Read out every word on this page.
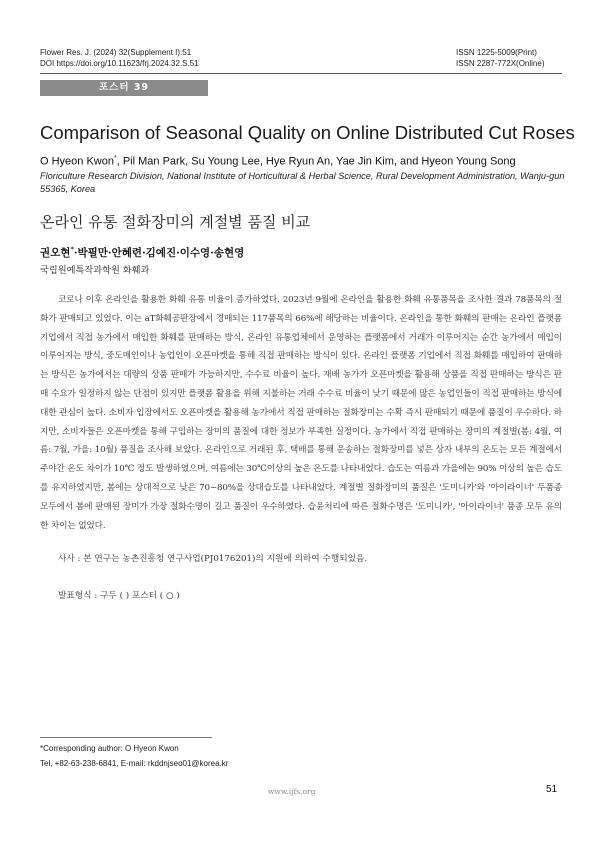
Flower Res. J. (2024) 32(Supplement I):51
DOI https://doi.org/10.11623/frj.2024.32.S.51
ISSN 1225-5009(Print)
ISSN 2287-772X(Online)
포스터 39
Comparison of Seasonal Quality on Online Distributed Cut Roses
O Hyeon Kwon*, Pil Man Park, Su Young Lee, Hye Ryun An, Yae Jin Kim, and Hyeon Young Song
Floriculture Research Division, National Institute of Horticultural & Herbal Science, Rural Development Administration, Wanju-gun 55365, Korea
온라인 유통 절화장미의 계절별 품질 비교
권오현*·박필만·안혜련·김예진·이수영·송현영
국립원예특작과학원 화훼과

코로나 이후 온라인을 활용한 화훼 유통 비율이 증가하였다. 2023년 9월에 온라인을 활용한 화훼 유통품목을 조사한 결과 78품목의 절화가 판매되고 있었다. 이는 aT화훼공판장에서 경매되는 117품목의 66%에 해당하는 비율이다. 온라인을 통한 화훼의 판매는 온라인 플랫폼 기업에서 직접 농가에서 매입한 화훼를 판매하는 방식, 온라인 유통업체에서 운영하는 플랫폼에서 거래가 이루어지는 순간 농가에서 매입이 이루어지는 방식, 중도매인이나 농업인이 오픈마켓을 통해 직접 판매하는 방식이 있다. 온라인 플랫폼 기업에서 직접 화훼를 매입하여 판매하는 방식은 농가에서는 대량의 상품 판매가 가능하지만, 수수료 비율이 높다. 재배 농가가 오픈마켓을 활용해 상품을 직접 판매하는 방식은 판매 수요가 일정하지 않는 단점이 있지만 플랫폼 활용을 위해 지불하는 거래 수수료 비율이 낮기 때문에 많은 농업인들이 직접 판매하는 방식에 대한 관심이 높다. 소비자 입장에서도 오픈마켓을 활용해 농가에서 직접 판매하는 절화장미는 수확 즉시 판매되기 때문에 품질이 우수하다. 하지만, 소비자들은 오픈마켓을 통해 구입하는 장미의 품질에 대한 정보가 부족한 실정이다. 농가에서 직접 판매하는 장미의 계절별(봄: 4월, 여름: 7월, 가을: 10월) 품질을 조사해 보았다. 온라인으로 거래된 후, 택배를 통해 운송하는 절화장미를 넣은 상자 내부의 온도는 모든 계절에서 주야간 온도 차이가 10℃ 정도 발생하였으며, 여름에는 30℃이상의 높은 온도를 나타내었다. 습도는 여름과 가을에는 90% 이상의 높은 습도를 유지하였지만, 봄에는 상대적으로 낮은 70~80%을 상대습도를 나타내었다. 계절별 절화장미의 품질은 '도미니카'와 '아이라이너' 두품종 모두에서 봄에 판매된 장미가 가장 절화수명이 길고 품질이 우수하였다. 습윤처리에 따른 절화수명은 '도미니카', '아이라이너' 품종 모두 유의한 차이는 없었다.

사사 : 본 연구는 농촌진흥청 연구사업(PJ0176201)의 지원에 의하여 수행되었음.
발표형식 : 구두 ( ) 포스터 ( ○ )
*Corresponding author: O Hyeon Kwon
Tel, +82-63-238-6841, E-mail: rkddnjseo01@korea.kr
www.ijfs.org	51
